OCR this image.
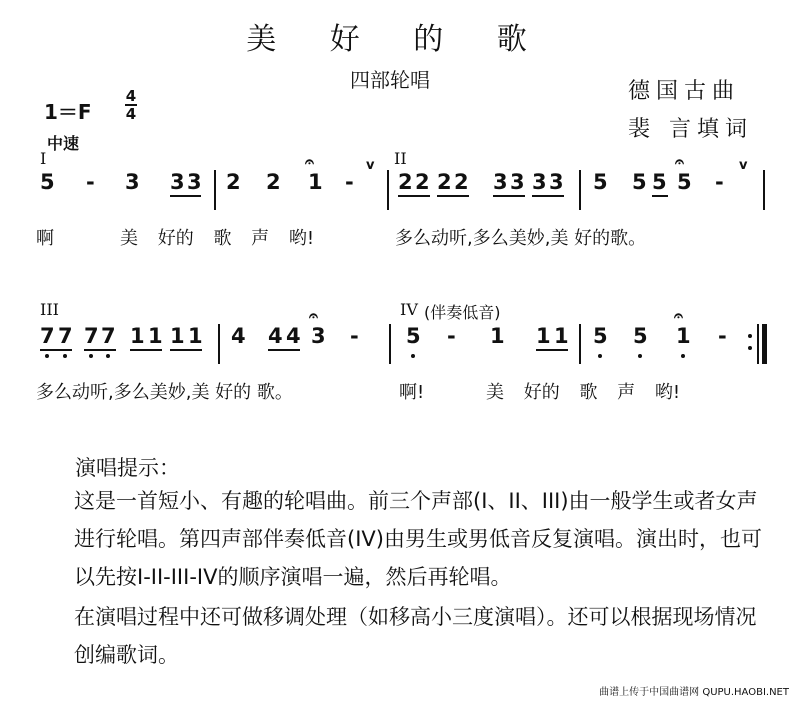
美 好 的 歌
四部轮唱	德国古曲
裴 言填词
1＝F
4
4
中速
I	II
5 - 3 3 3 2 2 1
𝄐
-
v
2 2 2 2 3 3 3 3 5 5 5 5
𝄐
-
v
啊	美 好的 歌 声 哟!	多么动听,多么美妙,美 好的歌。
III	IV (伴奏低音)
7 7 7 7 1 1 1 1 4 4 4 3
𝄐
- 5 - 1 1 1 5 5 1
𝄐
-
多么动听,多么美妙,美 好的 歌。	啊!	美 好的 歌 声 哟!
演唱提示：
这是一首短小、有趣的轮唱曲。前三个声部(I、II、III)由一般学生或者女声进行轮唱。第四声部伴奏低音(IV)由男生或男低音反复演唱。演出时，也可以先按I-II-III-IV的顺序演唱一遍，然后再轮唱。
在演唱过程中还可做移调处理（如移高小三度演唱）。还可以根据现场情况创编歌词。
曲谱上传于中国曲谱网 QUPU.HAOBI.NET
